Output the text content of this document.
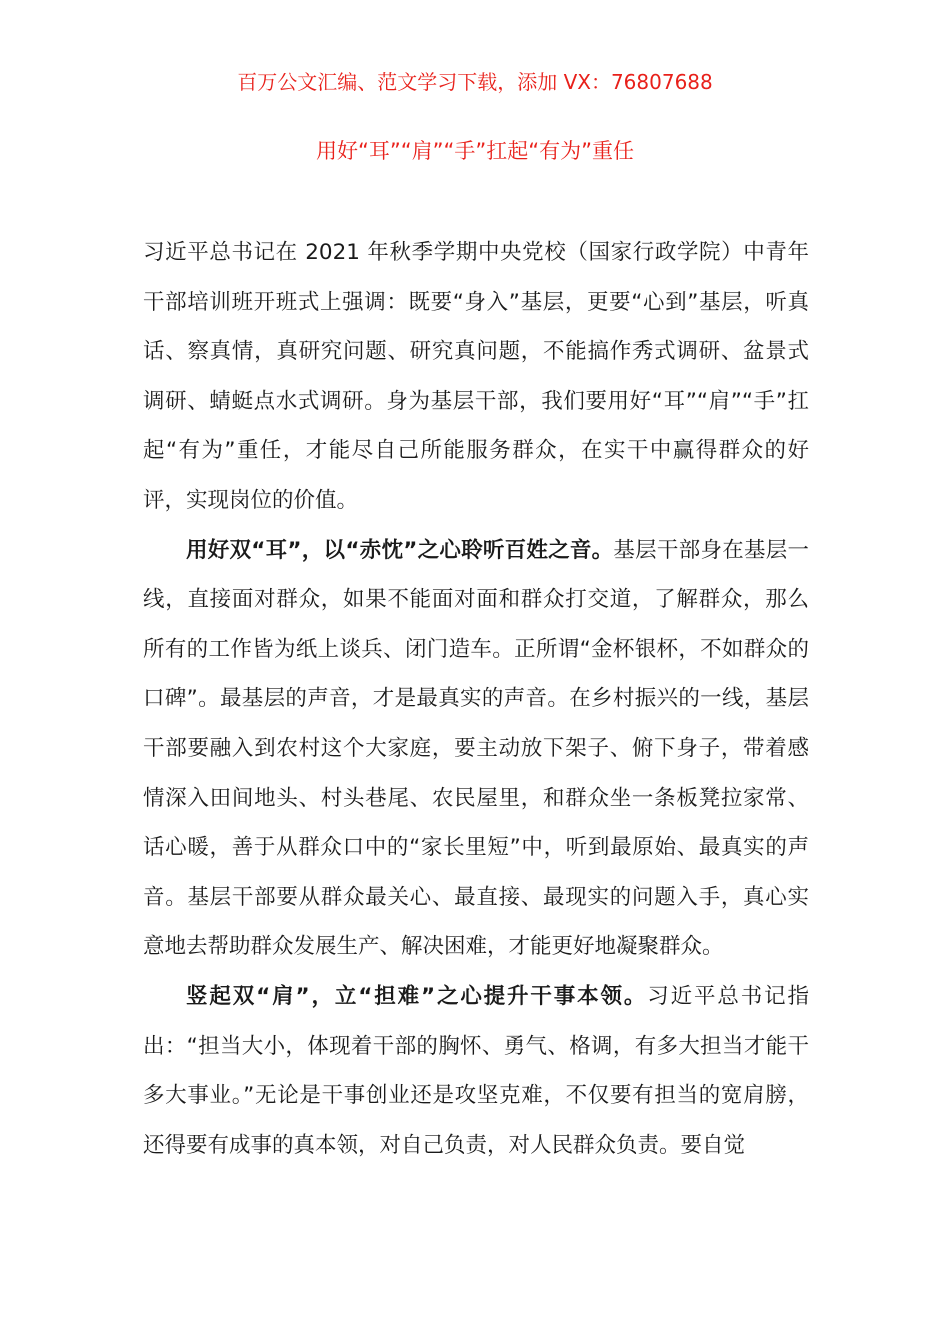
百万公文汇编、范文学习下载，添加 VX：76807688

用好“耳”“肩”“手”扛起“有为”重任

习近平总书记在 2021 年秋季学期中央党校（国家行政学院）中青年干部培训班开班式上强调：既要“身入”基层，更要“心到”基层，听真话、察真情，真研究问题、研究真问题，不能搞作秀式调研、盆景式调研、蜻蜓点水式调研。身为基层干部，我们要用好“耳”“肩”“手”扛起“有为”重任，才能尽自己所能服务群众，在实干中赢得群众的好评，实现岗位的价值。

用好双“耳”，以“赤忱”之心聆听百姓之音。基层干部身在基层一线，直接面对群众，如果不能面对面和群众打交道，了解群众，那么所有的工作皆为纸上谈兵、闭门造车。正所谓“金杯银杯，不如群众的口碑”。最基层的声音，才是最真实的声音。在乡村振兴的一线，基层干部要融入到农村这个大家庭，要主动放下架子、俯下身子，带着感情深入田间地头、村头巷尾、农民屋里，和群众坐一条板凳拉家常、话心暖，善于从群众口中的“家长里短”中，听到最原始、最真实的声音。基层干部要从群众最关心、最直接、最现实的问题入手，真心实意地去帮助群众发展生产、解决困难，才能更好地凝聚群众。

竖起双“肩”，立“担难”之心提升干事本领。习近平总书记指出：“担当大小，体现着干部的胸怀、勇气、格调，有多大担当才能干多大事业。”无论是干事创业还是攻坚克难，不仅要有担当的宽肩膀，还得要有成事的真本领，对自己负责，对人民群众负责。要自觉
